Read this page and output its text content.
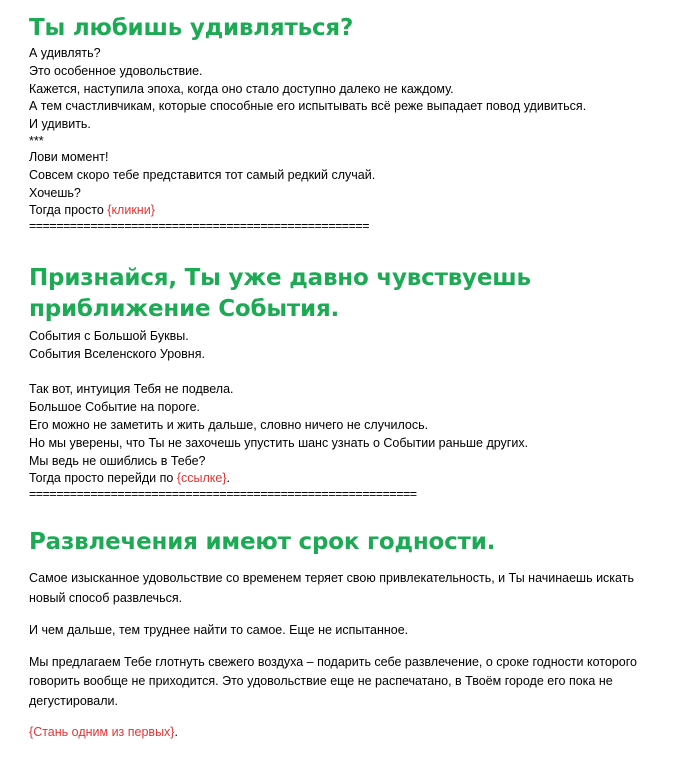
Ты любишь удивляться?

А удивлять?

Это особенное удовольствие.

Кажется, наступила эпоха, когда оно стало доступно далеко не каждому.

А тем счастливчикам, которые способные его испытывать всё реже выпадает повод удивиться.

И удивить.

***

Лови момент!

Совсем скоро тебе представится тот самый редкий случай.

Хочешь?

Тогда просто {кликни}

==================================================

Признайся, Ты уже давно чувствуешь приближение События.

События с Большой Буквы.

События Вселенского Уровня.

Так вот, интуиция Тебя не подвела.

Большое Событие на пороге.

Его можно не заметить и жить дальше, словно ничего не случилось.

Но мы уверены, что Ты не захочешь упустить шанс узнать о Событии раньше других.

Мы ведь не ошиблись в Тебе?

Тогда просто перейди по {ссылке}.

=========================================================

Развлечения имеют срок годности.

Самое изысканное удовольствие со временем теряет свою привлекательность, и Ты начинаешь искать новый способ развлечься.

И чем дальше, тем труднее найти то самое. Еще не испытанное.

Мы предлагаем Тебе глотнуть свежего воздуха – подарить себе развлечение, о сроке годности которого говорить вообще не приходится. Это удовольствие еще не распечатано, в Твоём городе его пока не дегустировали.

{Стань одним из первых}.
